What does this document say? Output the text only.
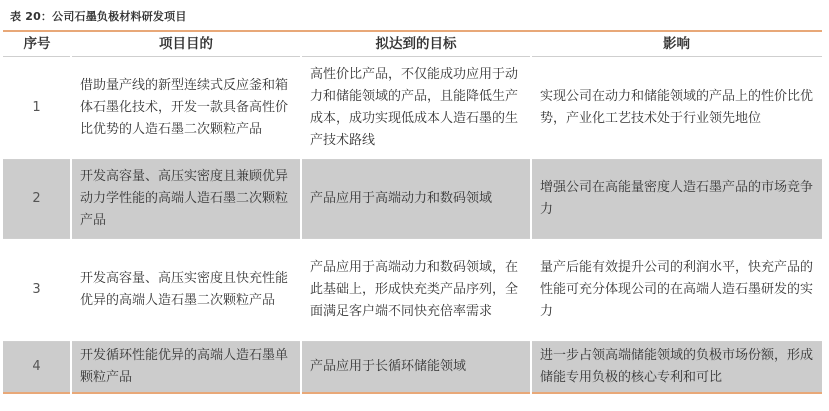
表 20：公司石墨负极材料研发项目
序号	项目目的	拟达到的目标	影响
1	借助量产线的新型连续式反应釜和箱体石墨化技术，开发一款具备高性价比优势的人造石墨二次颗粒产品	高性价比产品，不仅能成功应用于动力和储能领域的产品，且能降低生产成本，成功实现低成本人造石墨的生产技术路线	实现公司在动力和储能领域的产品上的性价比优势，产业化工艺技术处于行业领先地位
2	开发高容量、高压实密度且兼顾优异动力学性能的高端人造石墨二次颗粒产品	产品应用于高端动力和数码领域	增强公司在高能量密度人造石墨产品的市场竞争力
3	开发高容量、高压实密度且快充性能优异的高端人造石墨二次颗粒产品	产品应用于高端动力和数码领域，在此基础上，形成快充类产品序列，全面满足客户端不同快充倍率需求	量产后能有效提升公司的利润水平，快充产品的性能可充分体现公司的在高端人造石墨研发的实力
4	开发循环性能优异的高端人造石墨单颗粒产品	产品应用于长循环储能领域	进一步占领高端储能领域的负极市场份额，形成储能专用负极的核心专利和可比
